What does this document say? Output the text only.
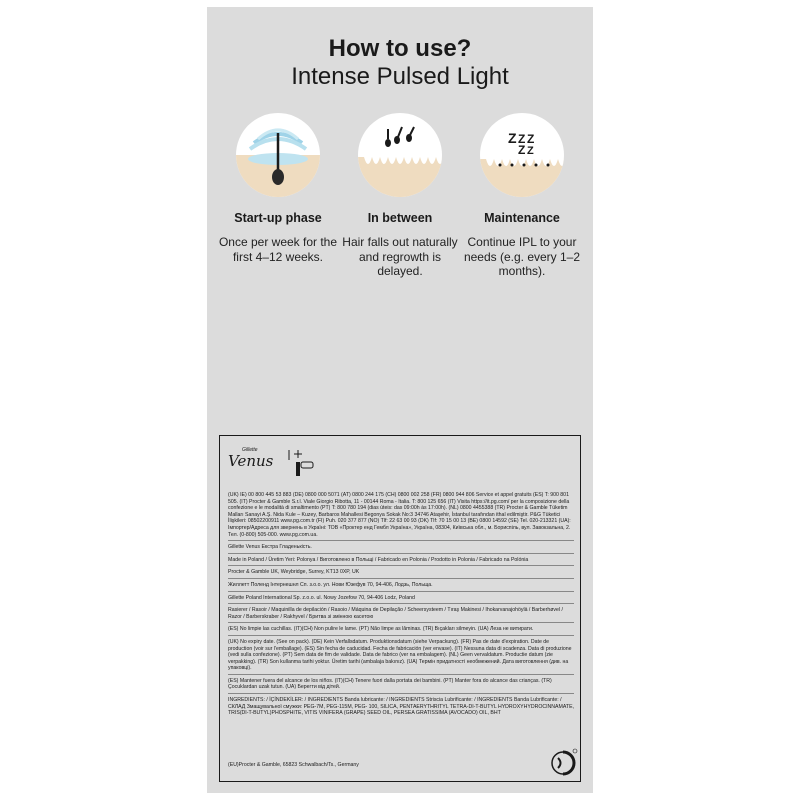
How to use?
Intense Pulsed Light
Start-up phase
Once per week for the first 4–12 weeks.
In between
Hair falls out naturally and regrowth is delayed.
Z Z Z
Z Z
Maintenance
Continue IPL to your needs (e.g. every 1–2 months).
Gillette
Venus

(UK) IE) 00 800 445 53 883 (DE) 0800 000 5071 (AT) 0800 244 175 (CH) 0800 002 258 (FR) 0800 944 806 Service et appel gratuits (ES) T: 900 801 505. (IT) Procter & Gamble S.r.l. Viale Giorgio Ribotta, 11 - 00144 Roma - Italia. T: 800 125 656 (IT) Visita https://it.pg.com/ per la composizione della confezione e le modalità di smaltimento (PT) T: 800 780 194 (dias úteis: das 09:00h às 17:00h). (NL) 0800 4455388 (TR) Procter & Gamble Tüketim Malları Sanayi A.Ş. Nida Kule – Kuzey, Barbaros Mahallesi Begonya Sokak No:3 34746 Ataşehir, İstanbul tarafından ithal edilmiştir. P&G Tüketici İlişkileri: 08502200911 www.pg.com.tr (FI) Puh. 020 377 877 (NO) Tlf: 22 63 00 93 (DK) Tlf: 70 15 00 13 (BE) 0800 14592 (SE) Tel. 020-213321 (UA): Імпортер/Адреса для звернень в Україні: ТОВ «Проктер енд Гембл Україна», Україна, 08304, Київська обл., м. Бориспіль, вул. Завокзальна, 2. Тел. (0-800) 505-000. www.pg.com.ua.

Gillette Venus Екстра Гладенькість.

Made in Poland / Üretim Yeri: Polonya / Виготовлено в Польщі / Fabricado en Polonia / Prodotto in Polonia / Fabricado na Polónia

Procter & Gamble UK, Weybridge, Surrey, KT13 0XP, UK

Жиллетт Поленд Інтернешнл Сп. з.о.о. ул. Нови Юзефув 70, 94-406, Лодзь, Польща.

Gillette Poland International Sp. z.o.o. ul. Nowy Jozefow 70, 94-406 Lodz, Poland

Rasierer / Rasoir / Maquinilla de depilación / Rasoio / Máquina de Depilação / Scheersysteem / Tıraş Makinesi / Ihokarvanajohöylä / Barberhøvel / Razor / Barberskraber / Rakhyvel / Бритва зі змінною касетою

(ES) No limpie las cuchillas. (IT)(CH) Non pulire le lame. (PT) Não limpe as lâminas. (TR) Bıçakları silmeyin. (UA) Леза не витирати.

(UK) No expiry date. (See on pack). (DE) Kein Verfallsdatum. Produktionsdatum (siehe Verpackung). (FR) Pas de date d'expiration. Date de production (voir sur l'emballage). (ES) Sin fecha de caducidad. Fecha de fabricación (ver envase). (IT) Nessuna data di scadenza. Data di produzione (vedi sulla confezione). (PT) Sem data de fim de validade. Data de fabrico (ver na embalagem). (NL) Geen vervaldatum. Productie datum (zie verpakking). (TR) Son kullanma tarihi yoktur. Üretim tarihi (ambalaja bakınız). (UA) Термін придатності необмежений. Дата виготовлення (див. на упаковці).

(ES) Mantener fuera del alcance de los niños. (IT)(CH) Tenere fuori dalla portata dei bambini. (PT) Manter fora do alcance das crianças. (TR) Çocuklardan uzak tutun. (UA) Берегти від дітей.

INGREDIENTS: / İÇİNDEKİLER: / INGREDIENTS Banda lubricante: / INGREDIENTS Striscia Lubrificante: / INGREDIENTS Banda Lubrificante: / СКЛАД Змащувальної смужки: PEG-7M, PEG-115M, PEG- 100, SILICA, PENTAERYTHRITYL TETRA-DI-T-BUTYL HYDROXYHYDROCINNAMATE, TRIS(DI-T-BUTYL)PHOSPHITE, VITIS VINIFERA (GRAPE) SEED OIL, PERSEA GRATISSIMA (AVOCADO) OIL, BHT

(EU)Procter & Gamble, 65823 Schwalbach/Ts., Germany
